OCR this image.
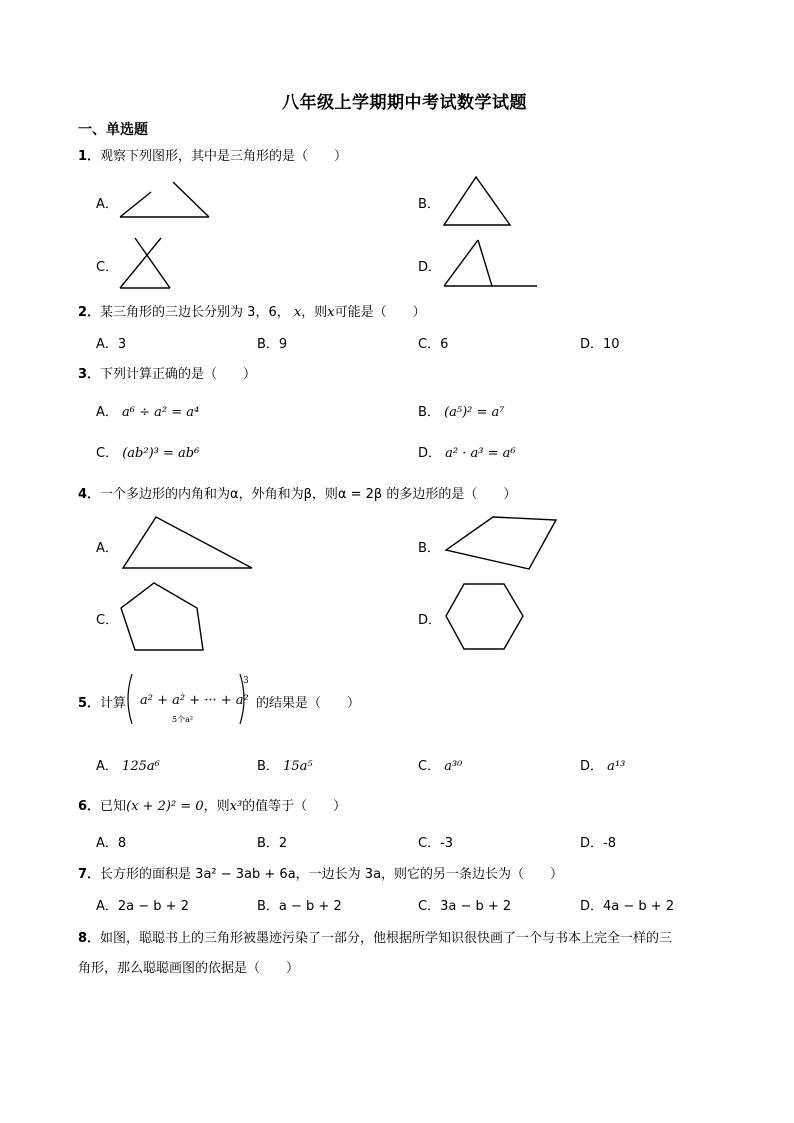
八年级上学期期中考试数学试题
一、单选题
1．观察下列图形，其中是三角形的是（　　）
A．	B．
C．	D．
2．某三角形的三边长分别为 3，6， x，则x可能是（　　）
A．3	B．9	C．6	D．10
3．下列计算正确的是（　　）
A． a⁶ ÷ a² = a⁴	B． (a⁵)² = a⁷
C． (ab²)³ = ab⁶	D． a² · a³ = a⁶
4．一个多边形的内角和为α，外角和为β，则α = 2β 的多边形的是（　　）
A．	B．
C．	D．
5．计算 a² + a² + ··· + a²
5个a²
3
的结果是（　　）
A． 125a⁶	B． 15a⁵	C． a³⁰	D． a¹³
6．已知(x + 2)² = 0，则x³的值等于（　　）
A．8	B．2	C．-3	D．-8
7．长方形的面积是 3a² − 3ab + 6a，一边长为 3a，则它的另一条边长为（　　）
A．2a − b + 2	B．a − b + 2	C．3a − b + 2	D．4a − b + 2
8．如图，聪聪书上的三角形被墨迹污染了一部分，他根据所学知识很快画了一个与书本上完全一样的三
角形，那么聪聪画图的依据是（　　）
